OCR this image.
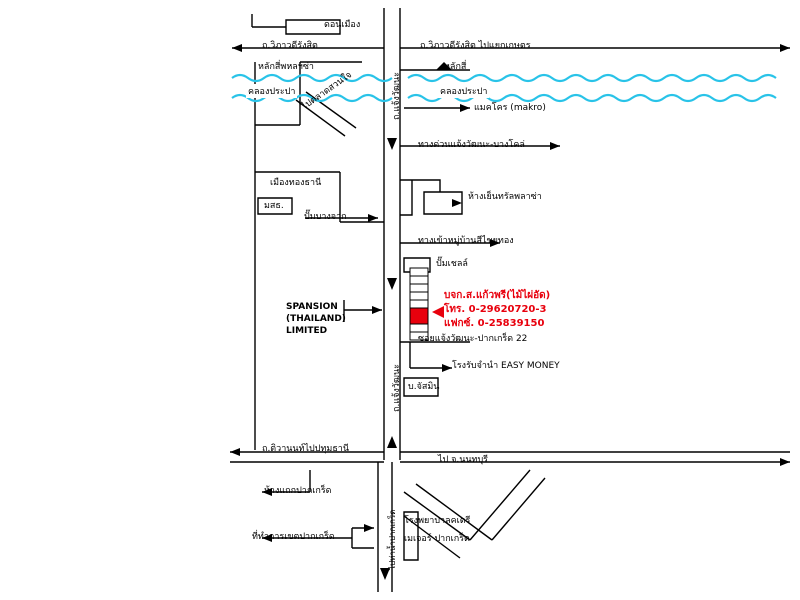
ดอนเมือง
ถ.วิภาวดีรังสิต	ถ.วิภาวดีรังสิต ไปแยกเกษตร
หลักสี่พหลฯซ่า	หลักสี่
คลองประปา	คลองประปา
ไปตลาดสวนใจ	แมคโคร (makro)
ทางด่วนแจ้งวัฒนะ-บางโคล่
เมืองทองธานี
มสธ.
ปั๊มบางจาก
ห้างเย็นทรัลพลาซ่า
ทางเข้าหมู่บ้านสีไขยทอง
ปั๊มเชลล์
บจก.ส.แก้วพรี(ไม้ไผ่อัด)
โทร. 0-29620720-3
แฟกซ์. 0-25839150
ซอยแจ้งวัฒนะ-ปากเกร็ด 22
โรงรับจำนำ EASY MONEY
SPANSION
(THAILAND)
LIMITED
บ.จัสมิน
ถ.แจ้งวัฒนะ
ถ.แจ้งวัฒนะ
ถ.ติวานนท์ไปปทุมธานี
ไป จ.นนทบุรี
ห้างแถกปากเกร็ด
ที่ทำการเขตปากเกร็ด	ไปท่าน้ำปากเกร็ด โรงพยาบาลคเตรี
เมเจอร์ ปากเกร็ด
